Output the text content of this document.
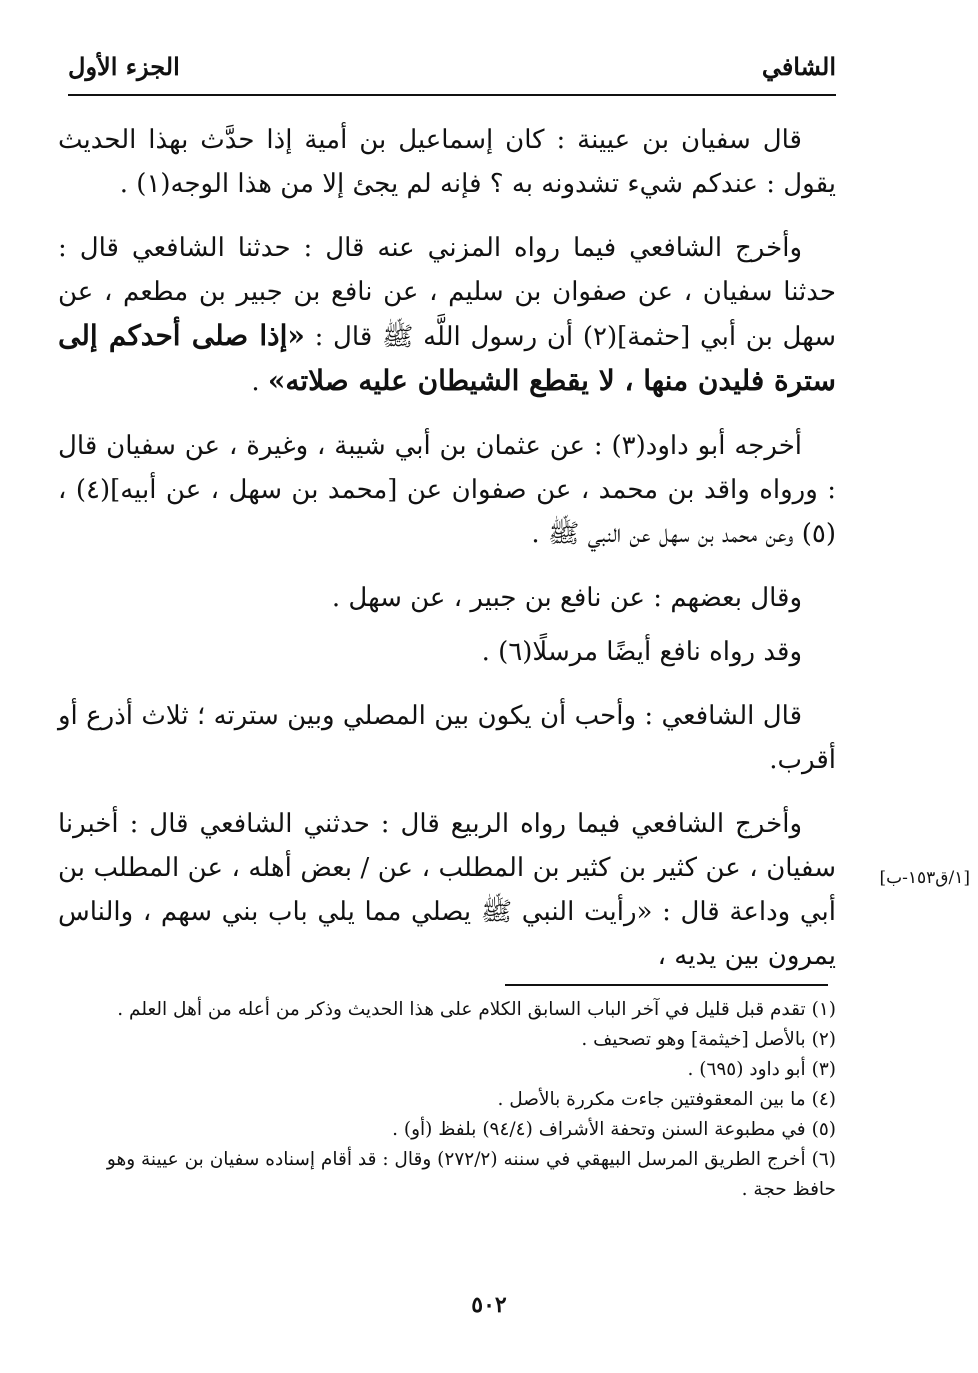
الشافي
الجزء الأول

قال سفيان بن عيينة : كان إسماعيل بن أمية إذا حدَّث بهذا الحديث يقول : عندكم شيء تشدونه به ؟ فإنه لم يجئ إلا من هذا الوجه(١) .

وأخرج الشافعي فيما رواه المزني عنه قال : حدثنا الشافعي قال : حدثنا سفيان ، عن صفوان بن سليم ، عن نافع بن جبير بن مطعم ، عن سهل بن أبي [حثمة](٢) أن رسول اللَّه ﷺ قال : «إذا صلى أحدكم إلى سترة فليدن منها ، لا يقطع الشيطان عليه صلاته» .

أخرجه أبو داود(٣) : عن عثمان بن أبي شيبة ، وغيرة ، عن سفيان قال : ورواه واقد بن محمد ، عن صفوان عن [محمد بن سهل ، عن أبيه](٤) ، (٥) وعن محمد بن سهل عن النبي ﷺ .

وقال بعضهم : عن نافع بن جبير ، عن سهل .

وقد رواه نافع أيضًا مرسلًا(٦) .

قال الشافعي : وأحب أن يكون بين المصلي وبين سترته ؛ ثلاث أذرع أو أقرب.

وأخرج الشافعي فيما رواه الربيع قال : حدثني الشافعي قال : أخبرنا سفيان ، عن كثير بن كثير بن المطلب ، عن / بعض أهله ، عن المطلب بن أبي وداعة قال : «رأيت النبي ﷺ يصلي مما يلي باب بني سهم ، والناس يمرون بين يديه ،

[١/ق١٥٣-ب]

(١)تقدم قبل قليل في آخر الباب السابق الكلام على هذا الحديث وذكر من أعله من أهل العلم .

(٢)بالأصل [خيثمة] وهو تصحيف .

(٣)أبو داود (٦٩٥) .

(٤)ما بين المعقوفتين جاءت مكررة بالأصل .

(٥)في مطبوعة السنن وتحفة الأشراف (٩٤/٤) بلفظ (أو) .

(٦)أخرج الطريق المرسل البيهقي في سننه (٢٧٢/٢) وقال : قد أقام إسناده سفيان بن عيينة وهو حافظ حجة .

٥٠٢
